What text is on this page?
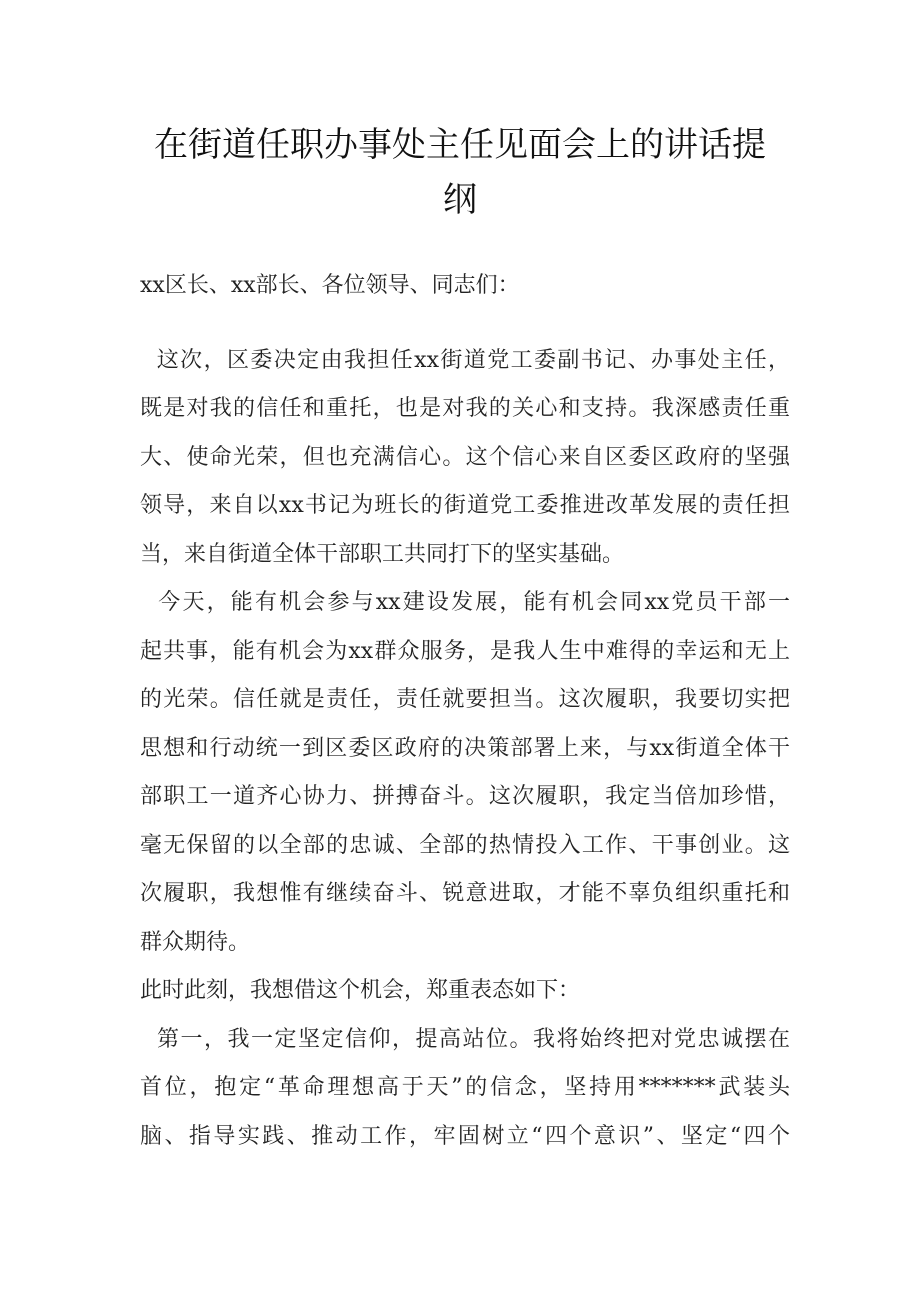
在街道任职办事处主任见面会上的讲话提
纲
xx区长、xx部长、各位领导、同志们：
这次，区委决定由我担任xx街道党工委副书记、办事处主任，
既是对我的信任和重托，也是对我的关心和支持。我深感责任重
大、使命光荣，但也充满信心。这个信心来自区委区政府的坚强
领导，来自以xx书记为班长的街道党工委推进改革发展的责任担
当，来自街道全体干部职工共同打下的坚实基础。
今天，能有机会参与xx建设发展，能有机会同xx党员干部一
起共事，能有机会为xx群众服务，是我人生中难得的幸运和无上
的光荣。信任就是责任，责任就要担当。这次履职，我要切实把
思想和行动统一到区委区政府的决策部署上来，与xx街道全体干
部职工一道齐心协力、拼搏奋斗。这次履职，我定当倍加珍惜，
毫无保留的以全部的忠诚、全部的热情投入工作、干事创业。这
次履职，我想惟有继续奋斗、锐意进取，才能不辜负组织重托和
群众期待。
此时此刻，我想借这个机会，郑重表态如下：
第一，我一定坚定信仰，提高站位。我将始终把对党忠诚摆在
首位，抱定“革命理想高于天”的信念，坚持用*******武装头
脑、指导实践、推动工作，牢固树立“四个意识”、坚定“四个
